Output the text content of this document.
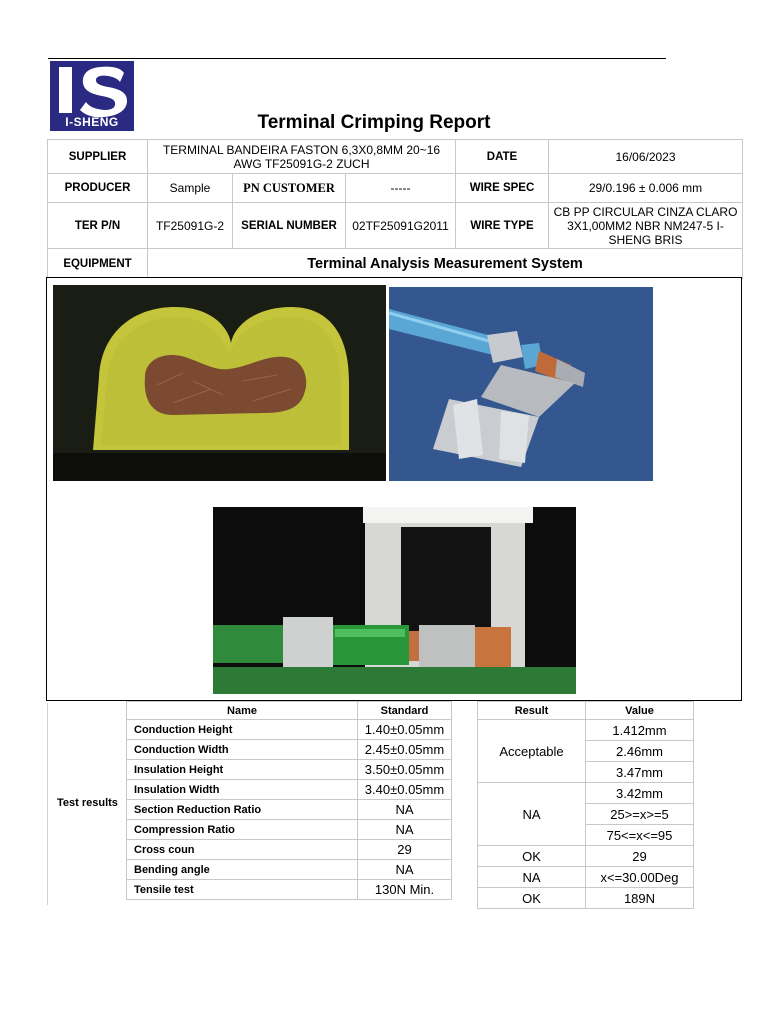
I-SHENG	Terminal Crimping Report
SUPPLIER	TERMINAL BANDEIRA FASTON 6,3X0,8MM 20~16 AWG TF25091G-2 ZUCH			DATE	16/06/2023
PRODUCER	Sample	PN CUSTOMER	-----	WIRE SPEC	29/0.196 ± 0.006 mm
TER P/N	TF25091G-2	SERIAL NUMBER	02TF25091G2011	WIRE TYPE	CB PP CIRCULAR CINZA CLARO 3X1,00MM2 NBR NM247-5 I-SHENG BRIS
EQUIPMENT	Terminal Analysis Measurement System				
Test results
Name	Standard
Conduction Height	1.40±0.05mm
Conduction Width	2.45±0.05mm
Insulation Height	3.50±0.05mm
Insulation Width	3.40±0.05mm
Section Reduction Ratio	NA
Compression Ratio	NA
Cross coun	29
Bending angle	NA
Tensile test	130N Min.
Result	Value
Acceptable	1.412mm
	2.46mm
	3.47mm
NA	3.42mm
	25>=x>=5
	75<=x<=95
OK	29
NA	x<=30.00Deg
OK	189N
